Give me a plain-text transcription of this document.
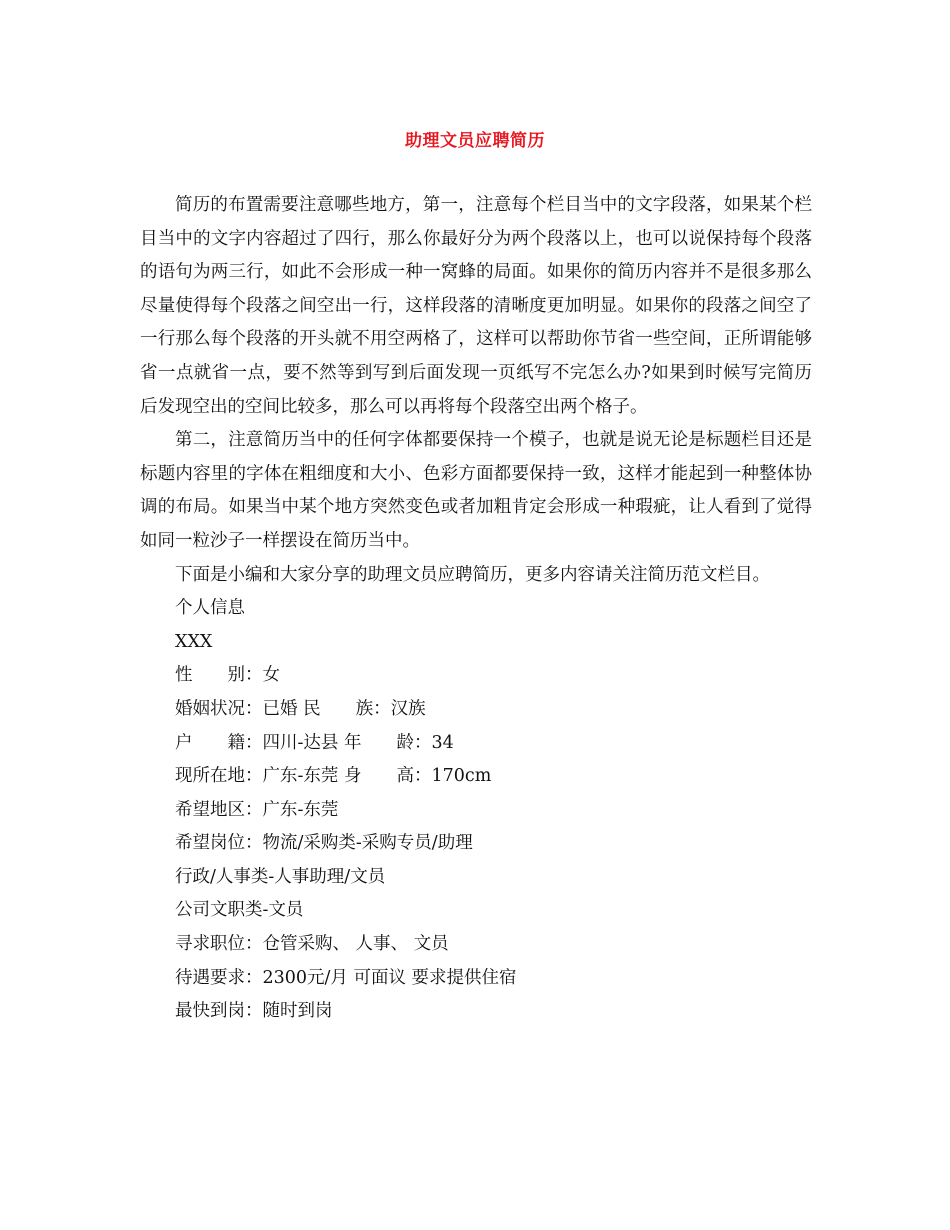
助理文员应聘简历

简历的布置需要注意哪些地方，第一，注意每个栏目当中的文字段落，如果某个栏目当中的文字内容超过了四行，那么你最好分为两个段落以上，也可以说保持每个段落的语句为两三行，如此不会形成一种一窝蜂的局面。如果你的简历内容并不是很多那么尽量使得每个段落之间空出一行，这样段落的清晰度更加明显。如果你的段落之间空了一行那么每个段落的开头就不用空两格了，这样可以帮助你节省一些空间，正所谓能够省一点就省一点，要不然等到写到后面发现一页纸写不完怎么办?如果到时候写完简历后发现空出的空间比较多，那么可以再将每个段落空出两个格子。

第二，注意简历当中的任何字体都要保持一个模子，也就是说无论是标题栏目还是标题内容里的字体在粗细度和大小、色彩方面都要保持一致，这样才能起到一种整体协调的布局。如果当中某个地方突然变色或者加粗肯定会形成一种瑕疵，让人看到了觉得如同一粒沙子一样摆设在简历当中。

下面是小编和大家分享的助理文员应聘简历，更多内容请关注简历范文栏目。

个人信息

XXX

性　　别：女

婚姻状况：已婚 民　　族：汉族

户　　籍：四川-达县 年　　龄：34

现所在地：广东-东莞 身　　高：170cm

希望地区：广东-东莞

希望岗位：物流/采购类-采购专员/助理

行政/人事类-人事助理/文员

公司文职类-文员

寻求职位：仓管采购、 人事、 文员

待遇要求：2300元/月 可面议 要求提供住宿

最快到岗：随时到岗
